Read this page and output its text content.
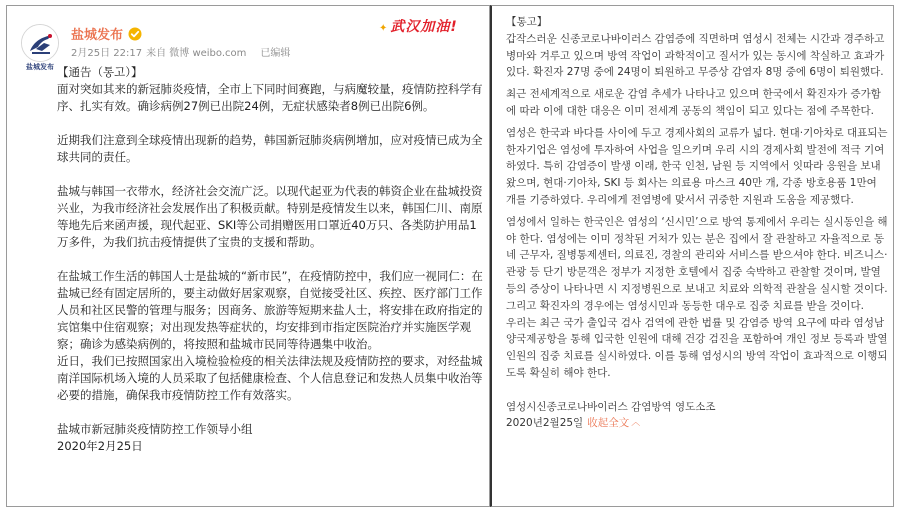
盐城发布
盐城发布
2月25日 22:17 来自 微博 weibo.com 已编辑
✦ 武汉加油!
【通告（통고）】
面对突如其来的新冠肺炎疫情，全市上下同时间赛跑，与病魔较量，疫情防控科学有序、扎实有效。确诊病例27例已出院24例，无症状感染者8例已出院6例。
近期我们注意到全球疫情出现新的趋势，韩国新冠肺炎病例增加，应对疫情已成为全球共同的责任。
盐城与韩国一衣带水，经济社会交流广泛。以现代起亚为代表的韩资企业在盐城投资兴业，为我市经济社会发展作出了积极贡献。特别是疫情发生以来，韩国仁川、南原等地先后来函声援，现代起亚、SKI等公司捐赠医用口罩近40万只、各类防护用品1万多件，为我们抗击疫情提供了宝贵的支援和帮助。
在盐城工作生活的韩国人士是盐城的“新市民”，在疫情防控中，我们应一视同仁：在盐城已经有固定居所的，要主动做好居家观察，自觉接受社区、疾控、医疗部门工作人员和社区民警的管理与服务；因商务、旅游等短期来盐人士，将安排在政府指定的宾馆集中住宿观察；对出现发热等症状的，均安排到市指定医院治疗并实施医学观察；确诊为感染病例的，将按照和盐城市民同等待遇集中收治。
近日，我们已按照国家出入境检验检疫的相关法律法规及疫情防控的要求，对经盐城南洋国际机场入境的人员采取了包括健康检查、个人信息登记和发热人员集中收治等必要的措施，确保我市疫情防控工作有效落实。
盐城市新冠肺炎疫情防控工作领导小组
2020年2月25日
【통고】
갑작스러운 신종코로나바이러스 감염증에 직면하며 염성시 전체는 시간과 경주하고 병마와 겨루고 있으며 방역 작업이 과학적이고 질서가 있는 동시에 착실하고 효과가 있다. 확진자 27명 중에 24명이 퇴원하고 무증상 감염자 8명 중에 6명이 퇴원했다.
최근 전세계적으로 새로운 감염 추세가 나타나고 있으며 한국에서 확진자가 증가함에 따라 이에 대한 대응은 이미 전세계 공동의 책임이 되고 있다는 점에 주목한다.
염성은 한국과 바다를 사이에 두고 경제사회의 교류가 넓다. 현대·기아차로 대표되는 한자기업은 염성에 투자하여 사업을 일으키며 우리 시의 경제사회 발전에 적극 기여하였다. 특히 감염증이 발생 이래, 한국 인천, 남원 등 지역에서 잇따라 응원을 보내왔으며, 현대·기아차, SKI 등 회사는 의료용 마스크 40만 개, 각종 방호용품 1만여 개를 기증하였다. 우리에게 전염병에 맞서서 귀중한 지원과 도움을 제공했다.
염성에서 일하는 한국인은 염성의 ‘신시민’으로 방역 통제에서 우리는 실시동인을 해야 한다. 염성에는 이미 정착된 거처가 있는 분은 집에서 잘 관찰하고 자율적으로 동네 근무자, 질병통제센터, 의료진, 경찰의 관리와 서비스를 받으셔야 한다. 비즈니스·관광 등 단기 방문객은 정부가 지정한 호텔에서 집중 숙박하고 관찰할 것이며, 발열 등의 증상이 나타나면 시 지정병원으로 보내고 치료와 의학적 관찰을 실시할 것이다. 그리고 확진자의 경우에는 염성시민과 동등한 대우로 집중 치료를 받을 것이다.
우리는 최근 국가 출입국 검사 검역에 관한 법률 및 감염증 방역 요구에 따라 염성남양국제공항을 통해 입국한 인원에 대해 건강 검진을 포함하여 개인 정보 등록과 발열 인원의 집중 치료를 실시하였다. 이를 통해 염성시의 방역 작업이 효과적으로 이행되도록 확실히 해야 한다.
염성시신종코로나바이러스 감염방역 영도소조
2020년2월25일 收起全文 ︿
